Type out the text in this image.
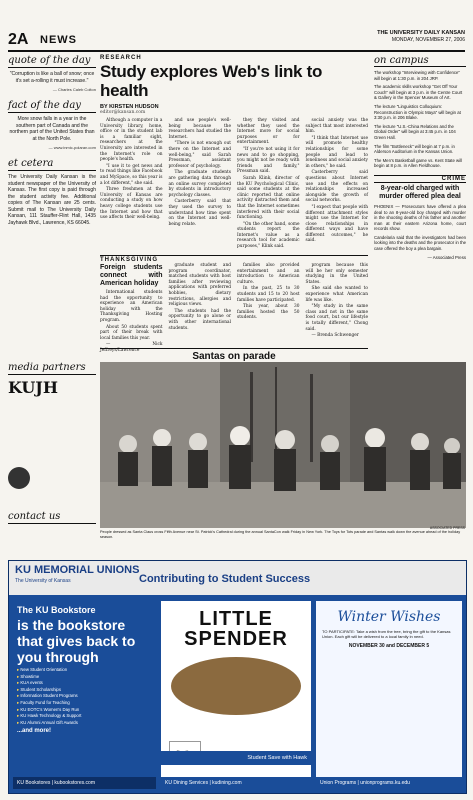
2A NEWS
THE UNIVERSITY DAILY KANSAN
MONDAY, NOVEMBER 27, 2006
quote of the day
"Corruption is like a ball of snow; once it's set a-rolling it must increase."
— Charles Caleb Colton
fact of the day
More snow falls in a year in the southern part of Canada and the northern part of the United States than at the North Pole.
— www.inmic-polaran.com
et cetera
The University Daily Kansan is the student newspaper of the University of Kansas. The first copy is paid through the student activity fee. Additional copies of The Kansan are 25 cents. Submit mail to The University Daily Kansan, 111 Stauffer-Flint Hall, 1435 Jayhawk Blvd., Lawrence, KS 66045.
media partners
KUJH
contact us
RESEARCH
Study explores Web's link to health
BY KIRSTEN HUDSON
editor@kansan.com

Although a computer in a University library, home, office or in the student lab is a familiar sight, researchers at the University are interested in the Internet's role on people's health.

"I use it to get news and to read things like Facebook and MySpace, so this year is a lot different," she said.

Three freshmen at the University of Kansas are conducting a study on how heavy college students use the Internet and how that use affects their well-being.

and use people's well-being because the researchers had studied the Internet.

"There is not enough out there on the Internet and well-being," said Sarah Pressman, assistant professor of psychology.

The graduate students are gathering data through an online survey completed by students in introductory psychology classes.

Casterberry said that they used the survey to understand how time spent on the Internet and well-being relate.

they they visited and whether they used the Internet more for social purposes or for entertainment.

"If you're not using it for news and to go shopping, you might not be ready with friends and family," Pressman said.

Sarah Klink, director of the KU Psychological Clinic, said some students at the clinic reported that online activity distracted them and that the Internet sometimes interfered with their social functioning.

"On the other hand, some students report the Internet's value as a research tool for academic purposes," Klink said.

social anxiety was the subject that most interested him.

"I think that Internet use will promote healthy relationships for some people and lead to loneliness and social anxiety in others," he said.

Casterberry said questions about Internet use and the effects on relationships increased alongside the growth of social networks.

"I expect that people with different attachment styles might use the Internet for close relationships in different ways and have different outcomes," he said.

THANKSGIVING
Foreign students connect with American holiday

International students had the opportunity to experience an American holiday with the Thanksgiving Hosting program.

About 50 students spent part of their break with local families this year.

— Nick Jeffreys/Lawrence

graduate student and program coordinator, matched students with host families after reviewing applications with preferred hobbies, dietary restrictions, allergies and religious views.

The students had the opportunity to go alone or with other international students.

families also provided entertainment and an introduction to American culture.

In the past, 25 to 30 students and 15 to 20 host families have participated.

This year, about 30 families hosted the 50 students.

program because this will be her only semester studying in the United States.

She said she wanted to experience what American life was like.

"My study in the same class and not in the same food court, but our lifestyle is totally different," Chong said.

— Brenda Schwenger

on campus
The workshop "Interviewing with Confidence" will begin at 1:30 p.m. in 204 JRP.
The academic skills workshop "Get Off Your Couch" will begin at 3 p.m. in the Centre Court & Gallery in the Spencer Museum of Art.
The lecture "Linguistics Colloquium: Reconstruction in Olympic Maya" will begin at 3:30 p.m. in 206 Blake.
The lecture "U.S.-China Relations and the Global Order" will begin at 3:45 p.m. in 104 Green Hall.
The film "Bottleneck" will begin at 7 p.m. in Alderson Auditorium in the Kansas Union.
The Men's Basketball game vs. Kent State will begin at 8 p.m. in Allen Fieldhouse.
CRIME
8-year-old charged with murder offered plea deal
PHOENIX — Prosecutors have offered a plea deal to an 8-year-old boy charged with murder in the shooting deaths of his father and another man at their eastern Arizona home, court records show.
Candelaria said that the investigators had been looking into the deaths and the prosecutor in the case offered the boy a plea bargain.
— Associated Press
Santas on parade
ASSOCIATED PRESS
People dressed as Santa Claus cross Fifth Avenue near St. Patrick's Cathedral during the annual SantaCon walk Friday in New York. The Toys for Tots parade and Santas walk down the avenue ahead of the holiday season.
KU MEMORIAL UNIONS
The University of Kansas	Contributing to Student Success
The KU Bookstore
is the bookstore that gives back to you through
▸ New Student Orientation
▸ Showtime
▸ KUA events
▸ Student Scholarships
▸ Information Student Programs
▸ Faculty Fund for Teaching
▸ KU EOTC's Women's Day Run
▸ KU Hawk Technology & Support
▸ KU Alumni Annual Gift Awards
...and more!
KU Bookstores | kubookstores.com
LITTLE
SPENDER
Student Save with Hawk
KU Dining Services | kudining.com
Winter Wishes
TO PARTICIPATE: Take a wish from the tree, bring the gift to the Kansas Union. Each gift will be delivered to a local family in need.
NOVEMBER 30 and DECEMBER 5
Union Programs | unionprograms.ku.edu
